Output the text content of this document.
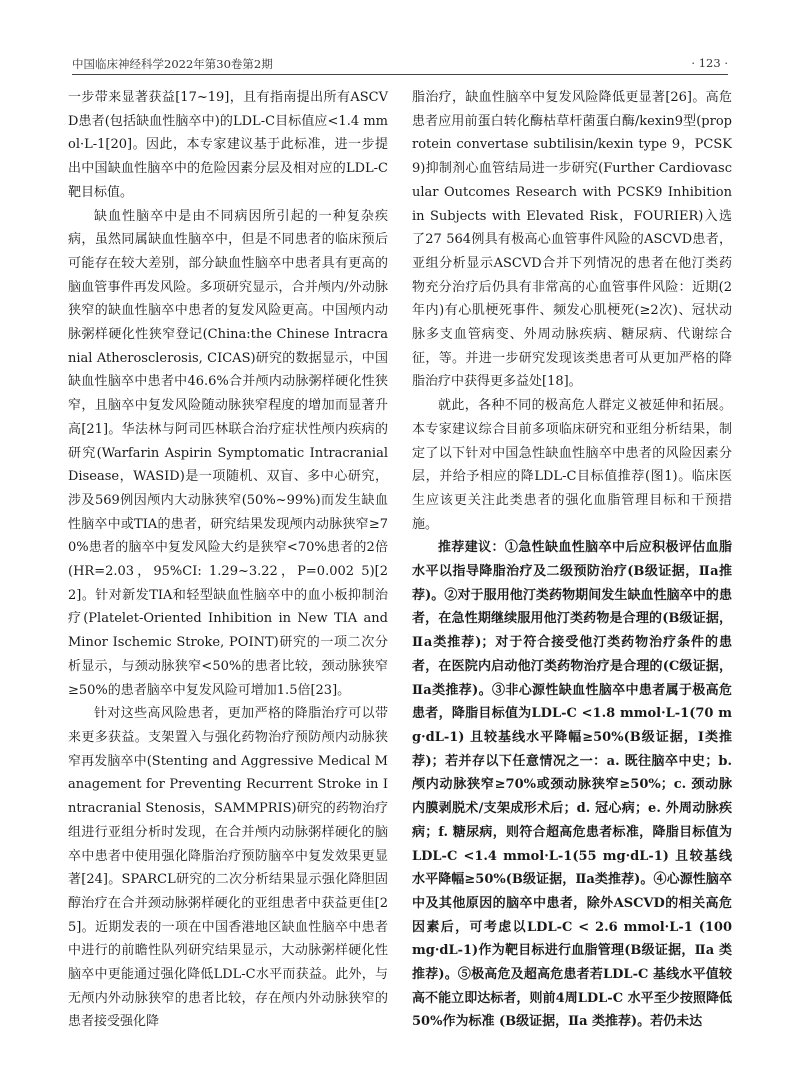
中国临床神经科学2022年第30卷第2期	· 123 ·

一步带来显著获益[17~19]，且有指南提出所有ASCVD患者(包括缺血性脑卒中)的LDL-C目标值应<1.4 mmol·L-1[20]。因此，本专家建议基于此标准，进一步提出中国缺血性脑卒中的危险因素分层及相对应的LDL-C靶目标值。

缺血性脑卒中是由不同病因所引起的一种复杂疾病，虽然同属缺血性脑卒中，但是不同患者的临床预后可能存在较大差别，部分缺血性脑卒中患者具有更高的脑血管事件再发风险。多项研究显示，合并颅内/外动脉狭窄的缺血性脑卒中患者的复发风险更高。中国颅内动脉粥样硬化性狭窄登记(China:the Chinese Intracranial Atherosclerosis, CICAS)研究的数据显示，中国缺血性脑卒中患者中46.6%合并颅内动脉粥样硬化性狭窄，且脑卒中复发风险随动脉狭窄程度的增加而显著升高[21]。华法林与阿司匹林联合治疗症状性颅内疾病的研究(Warfarin Aspirin Symptomatic Intracranial Disease，WASID)是一项随机、双盲、多中心研究，涉及569例因颅内大动脉狭窄(50%~99%)而发生缺血性脑卒中或TIA的患者，研究结果发现颅内动脉狭窄≥70%患者的脑卒中复发风险大约是狭窄<70%患者的2倍(HR=2.03，95%CI: 1.29~3.22，P=0.002 5)[22]。针对新发TIA和轻型缺血性脑卒中的血小板抑制治疗(Platelet-Oriented Inhibition in New TIA and Minor Ischemic Stroke, POINT)研究的一项二次分析显示，与颈动脉狭窄<50%的患者比较，颈动脉狭窄≥50%的患者脑卒中复发风险可增加1.5倍[23]。

针对这些高风险患者，更加严格的降脂治疗可以带来更多获益。支架置入与强化药物治疗预防颅内动脉狭窄再发脑卒中(Stenting and Aggressive Medical Management for Preventing Recurrent Stroke in Intracranial Stenosis，SAMMPRIS)研究的药物治疗组进行亚组分析时发现，在合并颅内动脉粥样硬化的脑卒中患者中使用强化降脂治疗预防脑卒中复发效果更显著[24]。SPARCL研究的二次分析结果显示强化降胆固醇治疗在合并颈动脉粥样硬化的亚组患者中获益更佳[25]。近期发表的一项在中国香港地区缺血性脑卒中患者中进行的前瞻性队列研究结果显示，大动脉粥样硬化性脑卒中更能通过强化降低LDL-C水平而获益。此外，与无颅内外动脉狭窄的患者比较，存在颅内外动脉狭窄的患者接受强化降

脂治疗，缺血性脑卒中复发风险降低更显著[26]。高危患者应用前蛋白转化酶枯草杆菌蛋白酶/kexin9型(proprotein convertase subtilisin/kexin type 9，PCSK9)抑制剂心血管结局进一步研究(Further Cardiovascular Outcomes Research with PCSK9 Inhibition in Subjects with Elevated Risk，FOURIER)入选了27 564例具有极高心血管事件风险的ASCVD患者，亚组分析显示ASCVD合并下列情况的患者在他汀类药物充分治疗后仍具有非常高的心血管事件风险：近期(2年内)有心肌梗死事件、频发心肌梗死(≥2次)、冠状动脉多支血管病变、外周动脉疾病、糖尿病、代谢综合征，等。并进一步研究发现该类患者可从更加严格的降脂治疗中获得更多益处[18]。

就此，各种不同的极高危人群定义被延伸和拓展。本专家建议综合目前多项临床研究和亚组分析结果，制定了以下针对中国急性缺血性脑卒中患者的风险因素分层，并给予相应的降LDL-C目标值推荐(图1)。临床医生应该更关注此类患者的强化血脂管理目标和干预措施。

推荐建议：①急性缺血性脑卒中后应积极评估血脂水平以指导降脂治疗及二级预防治疗(B级证据，Ⅱa推荐)。②对于服用他汀类药物期间发生缺血性脑卒中的患者，在急性期继续服用他汀类药物是合理的(B级证据，Ⅱa类推荐)；对于符合接受他汀类药物治疗条件的患者，在医院内启动他汀类药物治疗是合理的(C级证据，Ⅱa类推荐)。③非心源性缺血性脑卒中患者属于极高危患者，降脂目标值为LDL-C <1.8 mmol·L-1(70 mg·dL-1) 且较基线水平降幅≥50%(B级证据，Ⅰ类推荐)；若并存以下任意情况之一：a. 既往脑卒中史；b. 颅内动脉狭窄≥70%或颈动脉狭窄≥50%；c. 颈动脉内膜剥脱术/支架成形术后；d. 冠心病；e. 外周动脉疾病；f. 糖尿病，则符合超高危患者标准，降脂目标值为LDL-C <1.4 mmol·L-1(55 mg·dL-1) 且较基线水平降幅≥50%(B级证据，Ⅱa类推荐)。④心源性脑卒中及其他原因的脑卒中患者，除外ASCVD的相关高危因素后，可考虑以LDL-C < 2.6 mmol·L-1 (100 mg·dL-1)作为靶目标进行血脂管理(B级证据，Ⅱa 类推荐)。⑤极高危及超高危患者若LDL-C 基线水平值较高不能立即达标者，则前4周LDL-C 水平至少按照降低 50%作为标准 (B级证据，Ⅱa 类推荐)。若仍未达
